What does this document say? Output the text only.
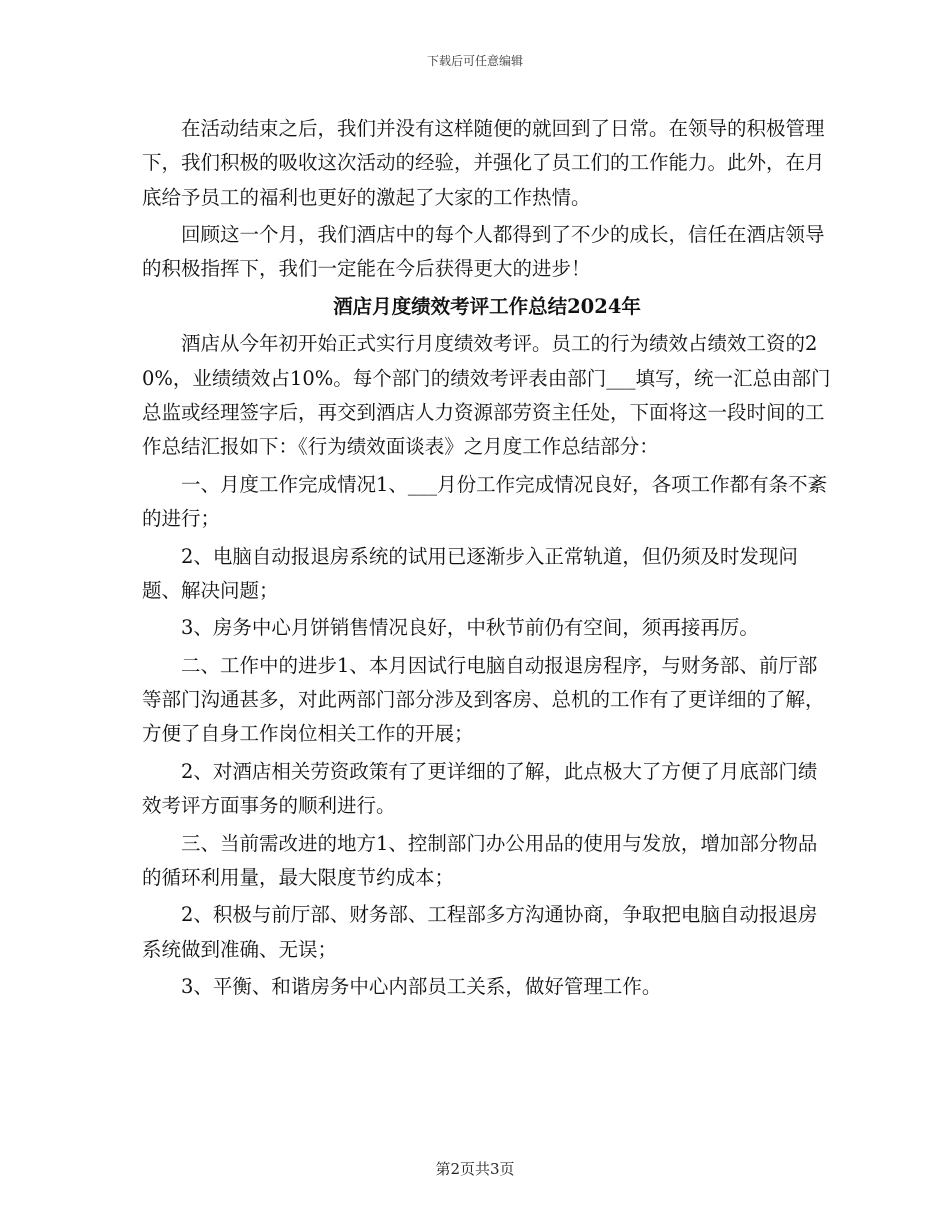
下载后可任意编辑

在活动结束之后，我们并没有这样随便的就回到了日常。在领导的积极管理下，我们积极的吸收这次活动的经验，并强化了员工们的工作能力。此外，在月底给予员工的福利也更好的激起了大家的工作热情。

回顾这一个月，我们酒店中的每个人都得到了不少的成长，信任在酒店领导的积极指挥下，我们一定能在今后获得更大的进步！

酒店月度绩效考评工作总结2024年

酒店从今年初开始正式实行月度绩效考评。员工的行为绩效占绩效工资的20%，业绩绩效占10%。每个部门的绩效考评表由部门___填写，统一汇总由部门总监或经理签字后，再交到酒店人力资源部劳资主任处，下面将这一段时间的工作总结汇报如下：《行为绩效面谈表》之月度工作总结部分：

一、月度工作完成情况1、___月份工作完成情况良好，各项工作都有条不紊的进行；

2、电脑自动报退房系统的试用已逐渐步入正常轨道，但仍须及时发现问题、解决问题；

3、房务中心月饼销售情况良好，中秋节前仍有空间，须再接再厉。

二、工作中的进步1、本月因试行电脑自动报退房程序，与财务部、前厅部等部门沟通甚多，对此两部门部分涉及到客房、总机的工作有了更详细的了解，方便了自身工作岗位相关工作的开展；

2、对酒店相关劳资政策有了更详细的了解，此点极大了方便了月底部门绩效考评方面事务的顺利进行。

三、当前需改进的地方1、控制部门办公用品的使用与发放，增加部分物品的循环利用量，最大限度节约成本；

2、积极与前厅部、财务部、工程部多方沟通协商，争取把电脑自动报退房系统做到准确、无误；

3、平衡、和谐房务中心内部员工关系，做好管理工作。

第2页共3页
